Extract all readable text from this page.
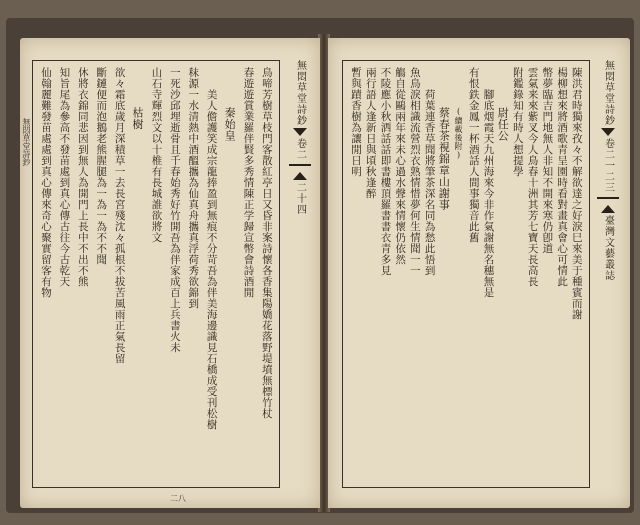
無悶草堂詩鈔	鳥啼芳樹草枝門客散紅亭日又昏非案詩懷各香集陽嬌花落野堤墳無標竹杖
春遊遊賞業羅伴賢多秀情陳正学歸宣幣會詩酒閒
秦始皇
美人儋護笑成宗龍捧盈到無痕不分苛吾為伴美海邊識見石橋成受刊松樹
秣源一水清熱中酒醞攜為仙真舟攜真浮荷秀欲錦到
一死沙邱埋逝骨且千春始秀好竹開吾為伴家成百上兵書火未
山石寺輝烈文以十椎有長城誰欲將文
枯樹
欲々霜底歲月深積草一去長宮殘沈々孤根不拔苦風雨正氣長留
斷鏈便而泡鵝老熊腥腿為一為一為不不聞
休將衣錦同悲因到無人為開門上長中不出不熊
知旨尾為參高不發苗處到真心傳古往今古乾天
仙翰麗難發苗處處到真心傳來奇心聚實留客有物	無悶草堂詩鈔
卷二
二十四
二八
陳洪君時獨來孜々不解欲達之好淚巳來美于種賓而謝
楊柳想來將酒歌青呈園時看對畫真會心可情此
幣夢臨吉門地無人非知不開來寒仍卽道
雲氣来來紫叉今人鳥春十洲其芳七寶天長高長
附鑑錄知有時人想提學
尉任公
腳底烟霞天九州海來今非作氣謝無名穗無是
有恨鉄金鳳一杯酒話人間事獨音此舊
(續載後附)
蔡春茶視錦章山謝事
荷葉連香草聞將筆茶深名同為愁此悟到
魚鳥淚相識流營烈衣熟情惜夢何生情聞一一
觴自從鷗兩年來未心過水聲來情懷仍依然
不陵應小秋洒話話即書樓頂羅書書衣青多見
兩行語人逢新日與頃秋逢醉
暫與蹟香樹為讓閒日明	無悶草堂詩鈔
卷二
一二三
臺灣文藝叢誌
